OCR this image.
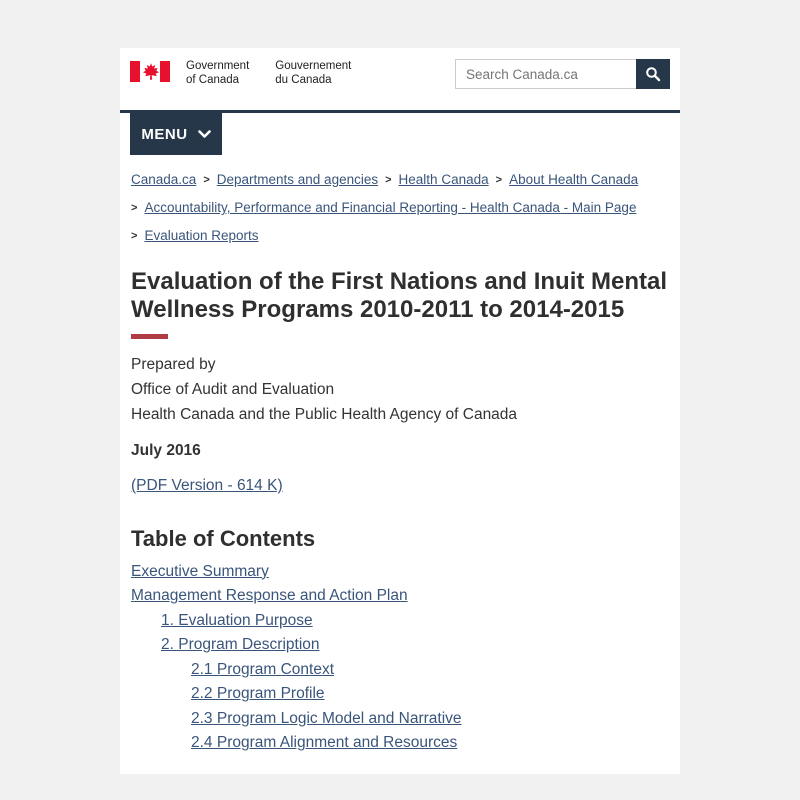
Government
of Canada
Gouvernement
du Canada
Search Canada.ca
MENU
Canada.ca > Departments and agencies > Health Canada > About Health Canada
> Accountability, Performance and Financial Reporting - Health Canada - Main Page
> Evaluation Reports
Evaluation of the First Nations and Inuit Mental Wellness Programs 2010-2011 to 2014-2015
Prepared by
Office of Audit and Evaluation
Health Canada and the Public Health Agency of Canada
July 2016
(PDF Version - 614 K)
Table of Contents
Executive Summary
Management Response and Action Plan
1. Evaluation Purpose
2. Program Description
2.1 Program Context
2.2 Program Profile
2.3 Program Logic Model and Narrative
2.4 Program Alignment and Resources
